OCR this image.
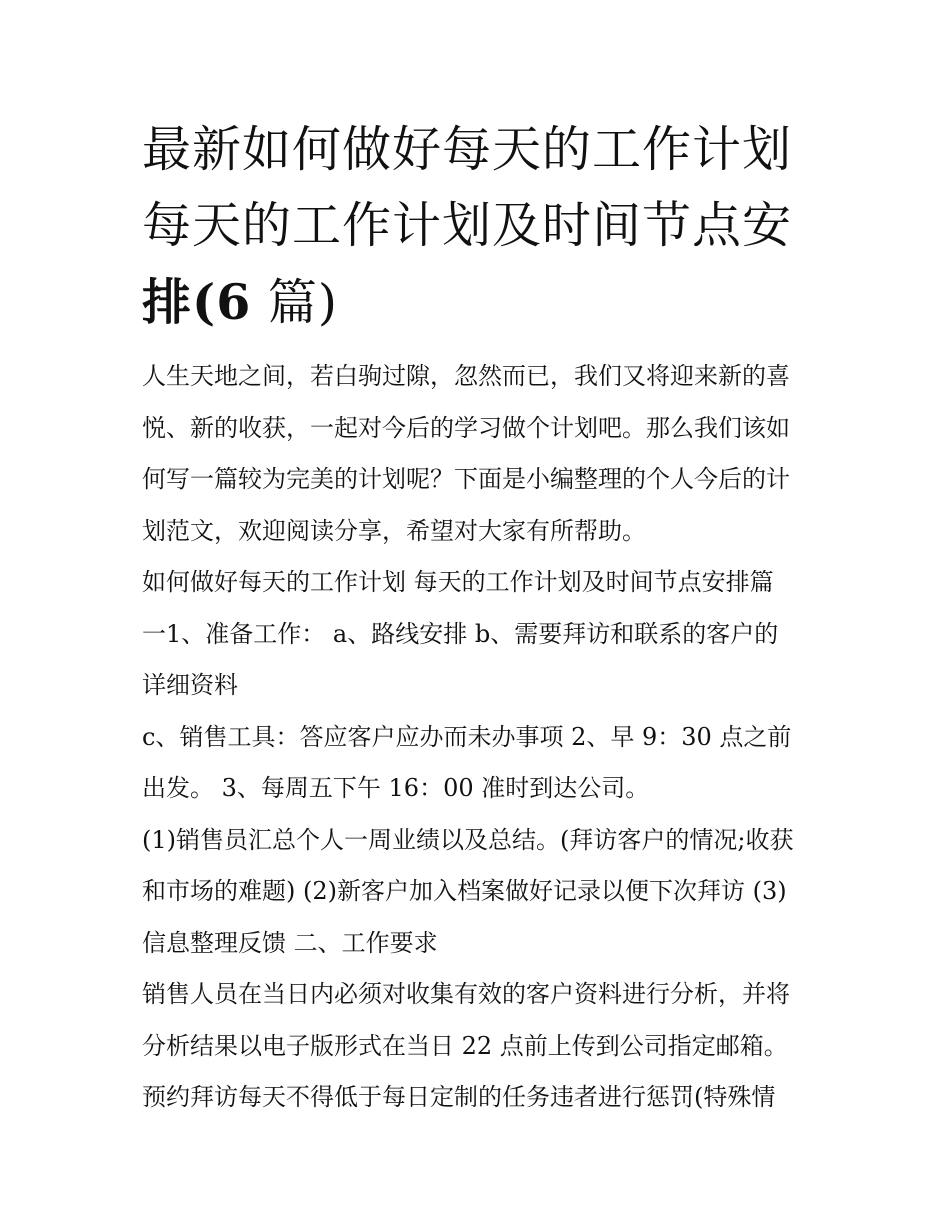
最新如何做好每天的工作计划
每天的工作计划及时间节点安
排(6 篇)
人生天地之间，若白驹过隙，忽然而已，我们又将迎来新的喜
悦、新的收获，一起对今后的学习做个计划吧。那么我们该如
何写一篇较为完美的计划呢？下面是小编整理的个人今后的计
划范文，欢迎阅读分享，希望对大家有所帮助。
如何做好每天的工作计划 每天的工作计划及时间节点安排篇
一1、准备工作： a、路线安排 b、需要拜访和联系的客户的
详细资料
c、销售工具：答应客户应办而未办事项 2、早 9：30 点之前
出发。 3、每周五下午 16：00 准时到达公司。
(1)销售员汇总个人一周业绩以及总结。(拜访客户的情况;收获
和市场的难题) (2)新客户加入档案做好记录以便下次拜访 (3)
信息整理反馈 二、工作要求
销售人员在当日内必须对收集有效的客户资料进行分析，并将
分析结果以电子版形式在当日 22 点前上传到公司指定邮箱。
预约拜访每天不得低于每日定制的任务违者进行惩罚(特殊情
